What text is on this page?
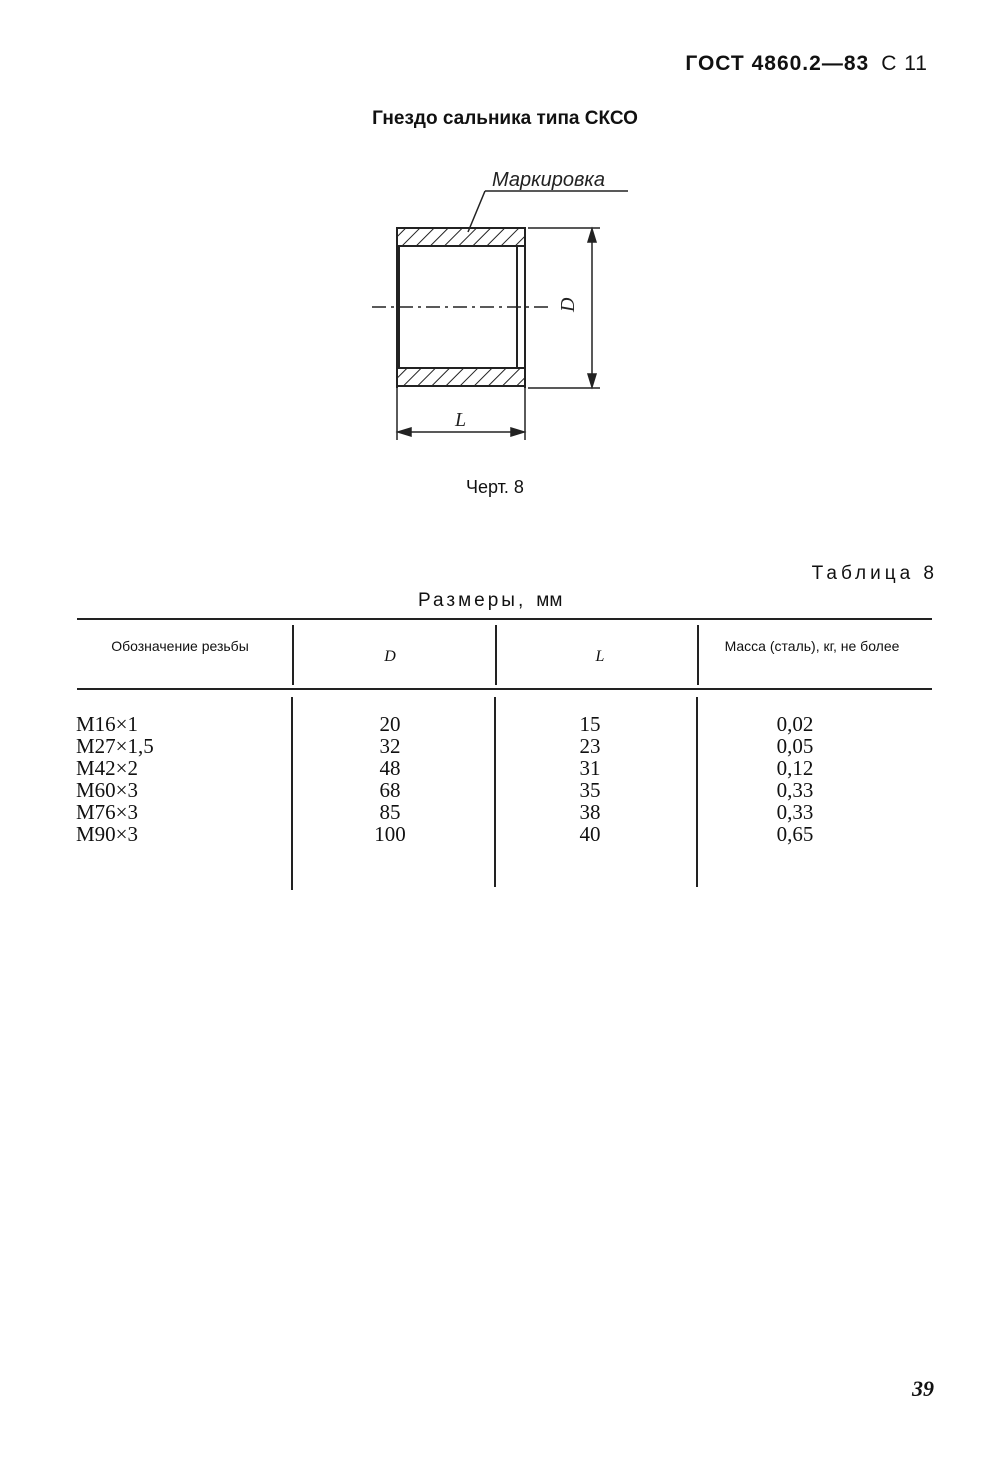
ГОСТ 4860.2—83 С 11
Гнездо сальника типа СКСО
Маркировка
D
L
Черт. 8
Таблица 8
Размеры, мм
Обозначение резьбы
D	L
Масса (сталь), кг, не более
М16×1
М27×1,5
М42×2
М60×3
М76×3
М90×3
20
32
48
68
85
100
15
23
31
35
38
40
0,02
0,05
0,12
0,33
0,33
0,65
39
